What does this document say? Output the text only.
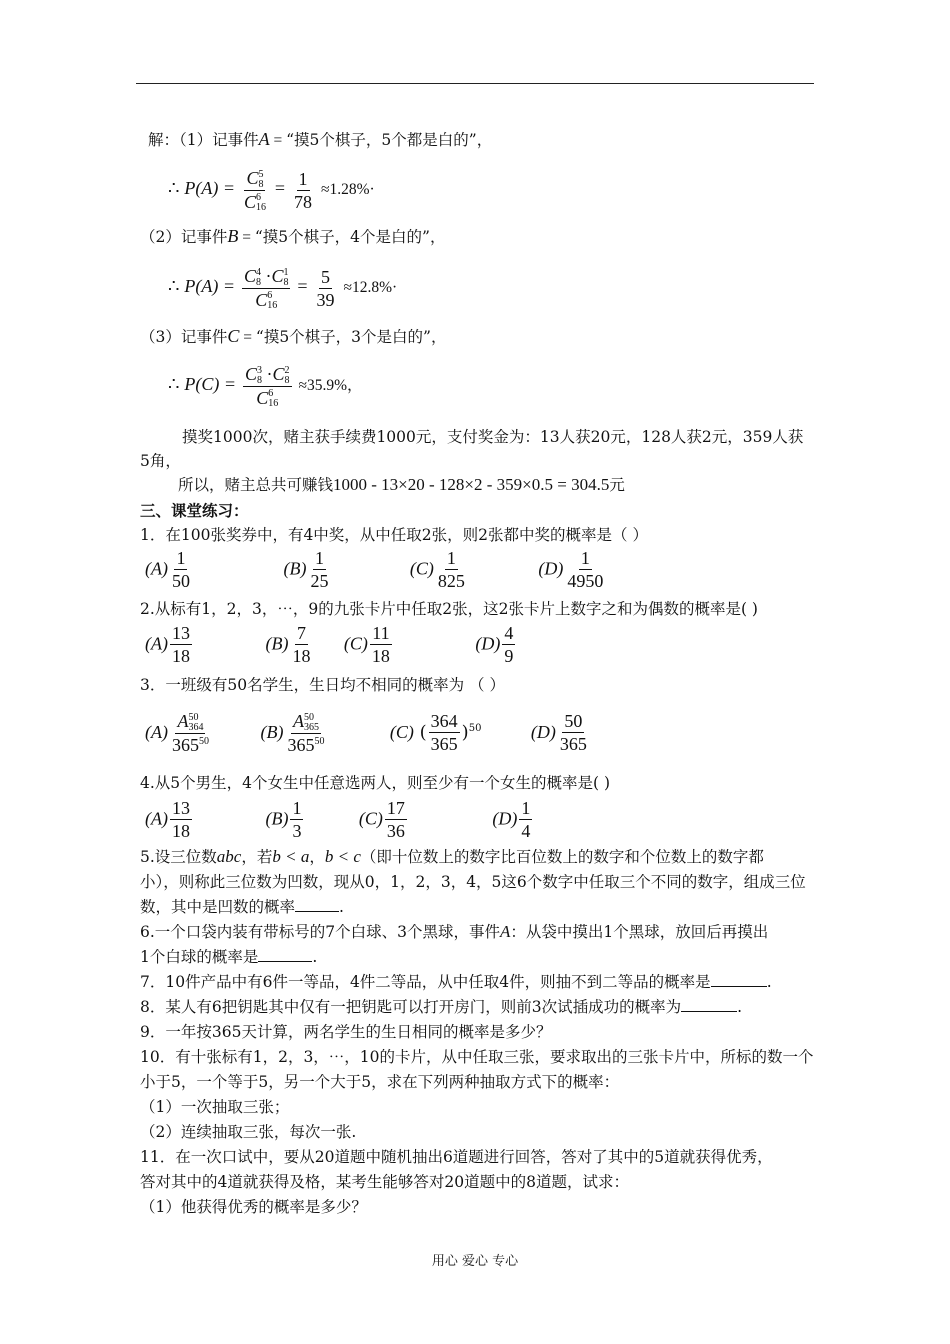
解：（1）记事件A = “摸5个棋子，5个都是白的”，
∴ P(A) = C 5
8
C 6
$16 = \frac{1}{78} \approx 1.28\%\cdot$
（2）记事件B = “摸5个棋子，4个是白的”，
∴ P(A) = C 4
8 ·C 1
8
C 6
$16 = \frac{5}{39} \approx 12.8\%\cdot$
（3）记事件C = “摸5个棋子，3个是白的”，
∴ P(C) = C 3
8 ·C 2
8
C 6
16 ≈35.9%，
摸奖1000次，赌主获手续费1000元，支付奖金为：13人获20元，128人获2元，359人获
5角，
所以，赌主总共可赚钱1000 - 13×20 - 128×2 - 359×0.5 = 304.5元
三、课堂练习：
1．在100张奖券中，有4中奖，从中任取2张，则2张都中奖的概率是（ ）
$(A) \frac{1}{50}$	$(B) \frac{1}{25}$	$(C) \frac{1}{825}$	$(D) \frac{1}{4950}$
2.从标有1，2，3，⋯，9的九张卡片中任取2张，这2张卡片上数字之和为偶数的概率是( )
$(A) \frac{13}{18}$	$(B) \frac{7}{18} (C) \frac{11}{18}$	$(D) \frac{4}{9}$
3．一班级有50名学生，生日均不相同的概率为 （ ）
(A) A 50
364
$365^{50}$	(B) A 50
365
$365^{50}$	(C) ( $\frac{364}{365} )^{50}$	$(D) \frac{50}{365}$
4.从5个男生，4个女生中任意选两人，则至少有一个女生的概率是( )
$(A) \frac{13}{18}$	$(B) \frac{1}{3}$	$(C) \frac{17}{36}$	$(D) \frac{1}{4}$
5.设三位数abc，若b < a，b < c（即十位数上的数字比百位数上的数字和个位数上的数字都
小），则称此三位数为凹数，现从0，1，2，3，4，5这6个数字中任取三个不同的数字，组成三位
数，其中是凹数的概率	.
6.一个口袋内装有带标号的7个白球、3个黑球，事件A：从袋中摸出1个黑球，放回后再摸出
1个白球的概率是	.
7．10件产品中有6件一等品，4件二等品，从中任取4件，则抽不到二等品的概率是	.
8．某人有6把钥匙其中仅有一把钥匙可以打开房门，则前3次试插成功的概率为	.
9．一年按365天计算，两名学生的生日相同的概率是多少？
10．有十张标有1，2，3，⋯，10的卡片，从中任取三张，要求取出的三张卡片中，所标的数一个
小于5，一个等于5，另一个大于5，求在下列两种抽取方式下的概率：
（1）一次抽取三张；
（2）连续抽取三张，每次一张.
11．在一次口试中，要从20道题中随机抽出6道题进行回答，答对了其中的5道就获得优秀，
答对其中的4道就获得及格，某考生能够答对20道题中的8道题，试求：
（1）他获得优秀的概率是多少？
用心 爱心 专心
